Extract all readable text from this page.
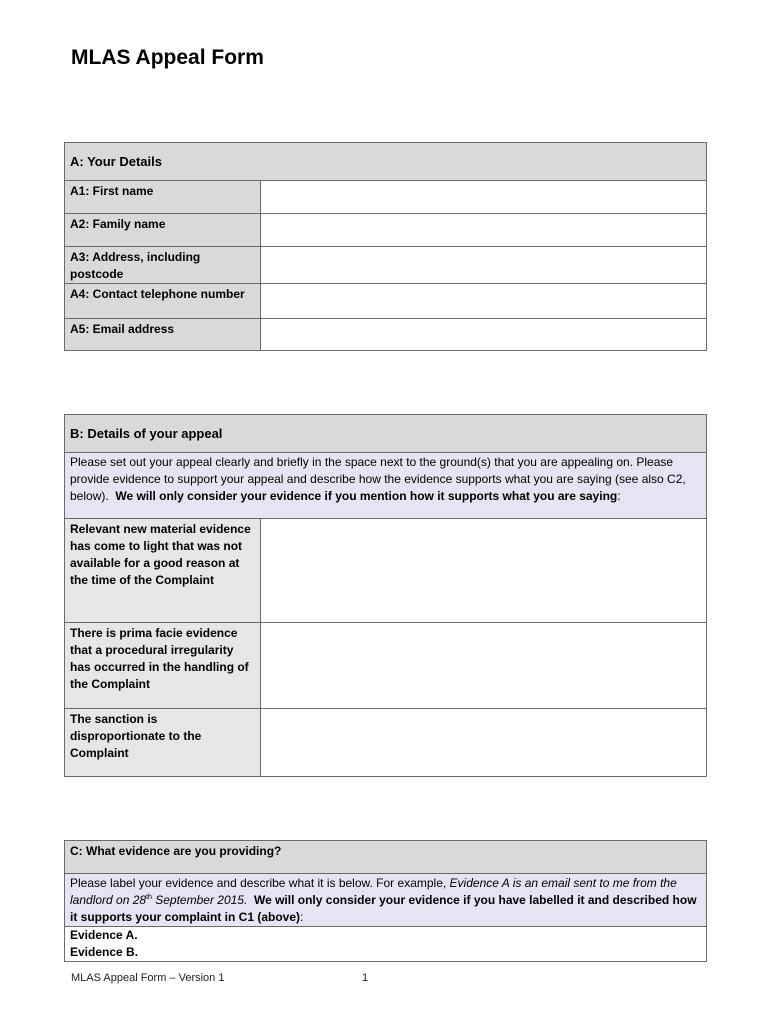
MLAS Appeal Form
A: Your Details	
A1: First name	
A2: Family name	
A3: Address, including postcode	
A4: Contact telephone number	
A5: Email address	
B: Details of your appeal	
Please set out your appeal clearly and briefly in the space next to the ground(s) that you are appealing on. Please provide evidence to support your appeal and describe how the evidence supports what you are saying (see also C2, below). We will only consider your evidence if you mention how it supports what you are saying:	
Relevant new material evidence has come to light that was not available for a good reason at the time of the Complaint	
There is prima facie evidence that a procedural irregularity has occurred in the handling of the Complaint	
The sanction is disproportionate to the Complaint	
C: What evidence are you providing?
Please label your evidence and describe what it is below. For example, Evidence A is an email sent to me from the landlord on 28th September 2015. We will only consider your evidence if you have labelled it and described how it supports your complaint in C1 (above):

Evidence A.
Evidence B.
MLAS Appeal Form – Version 1	1
